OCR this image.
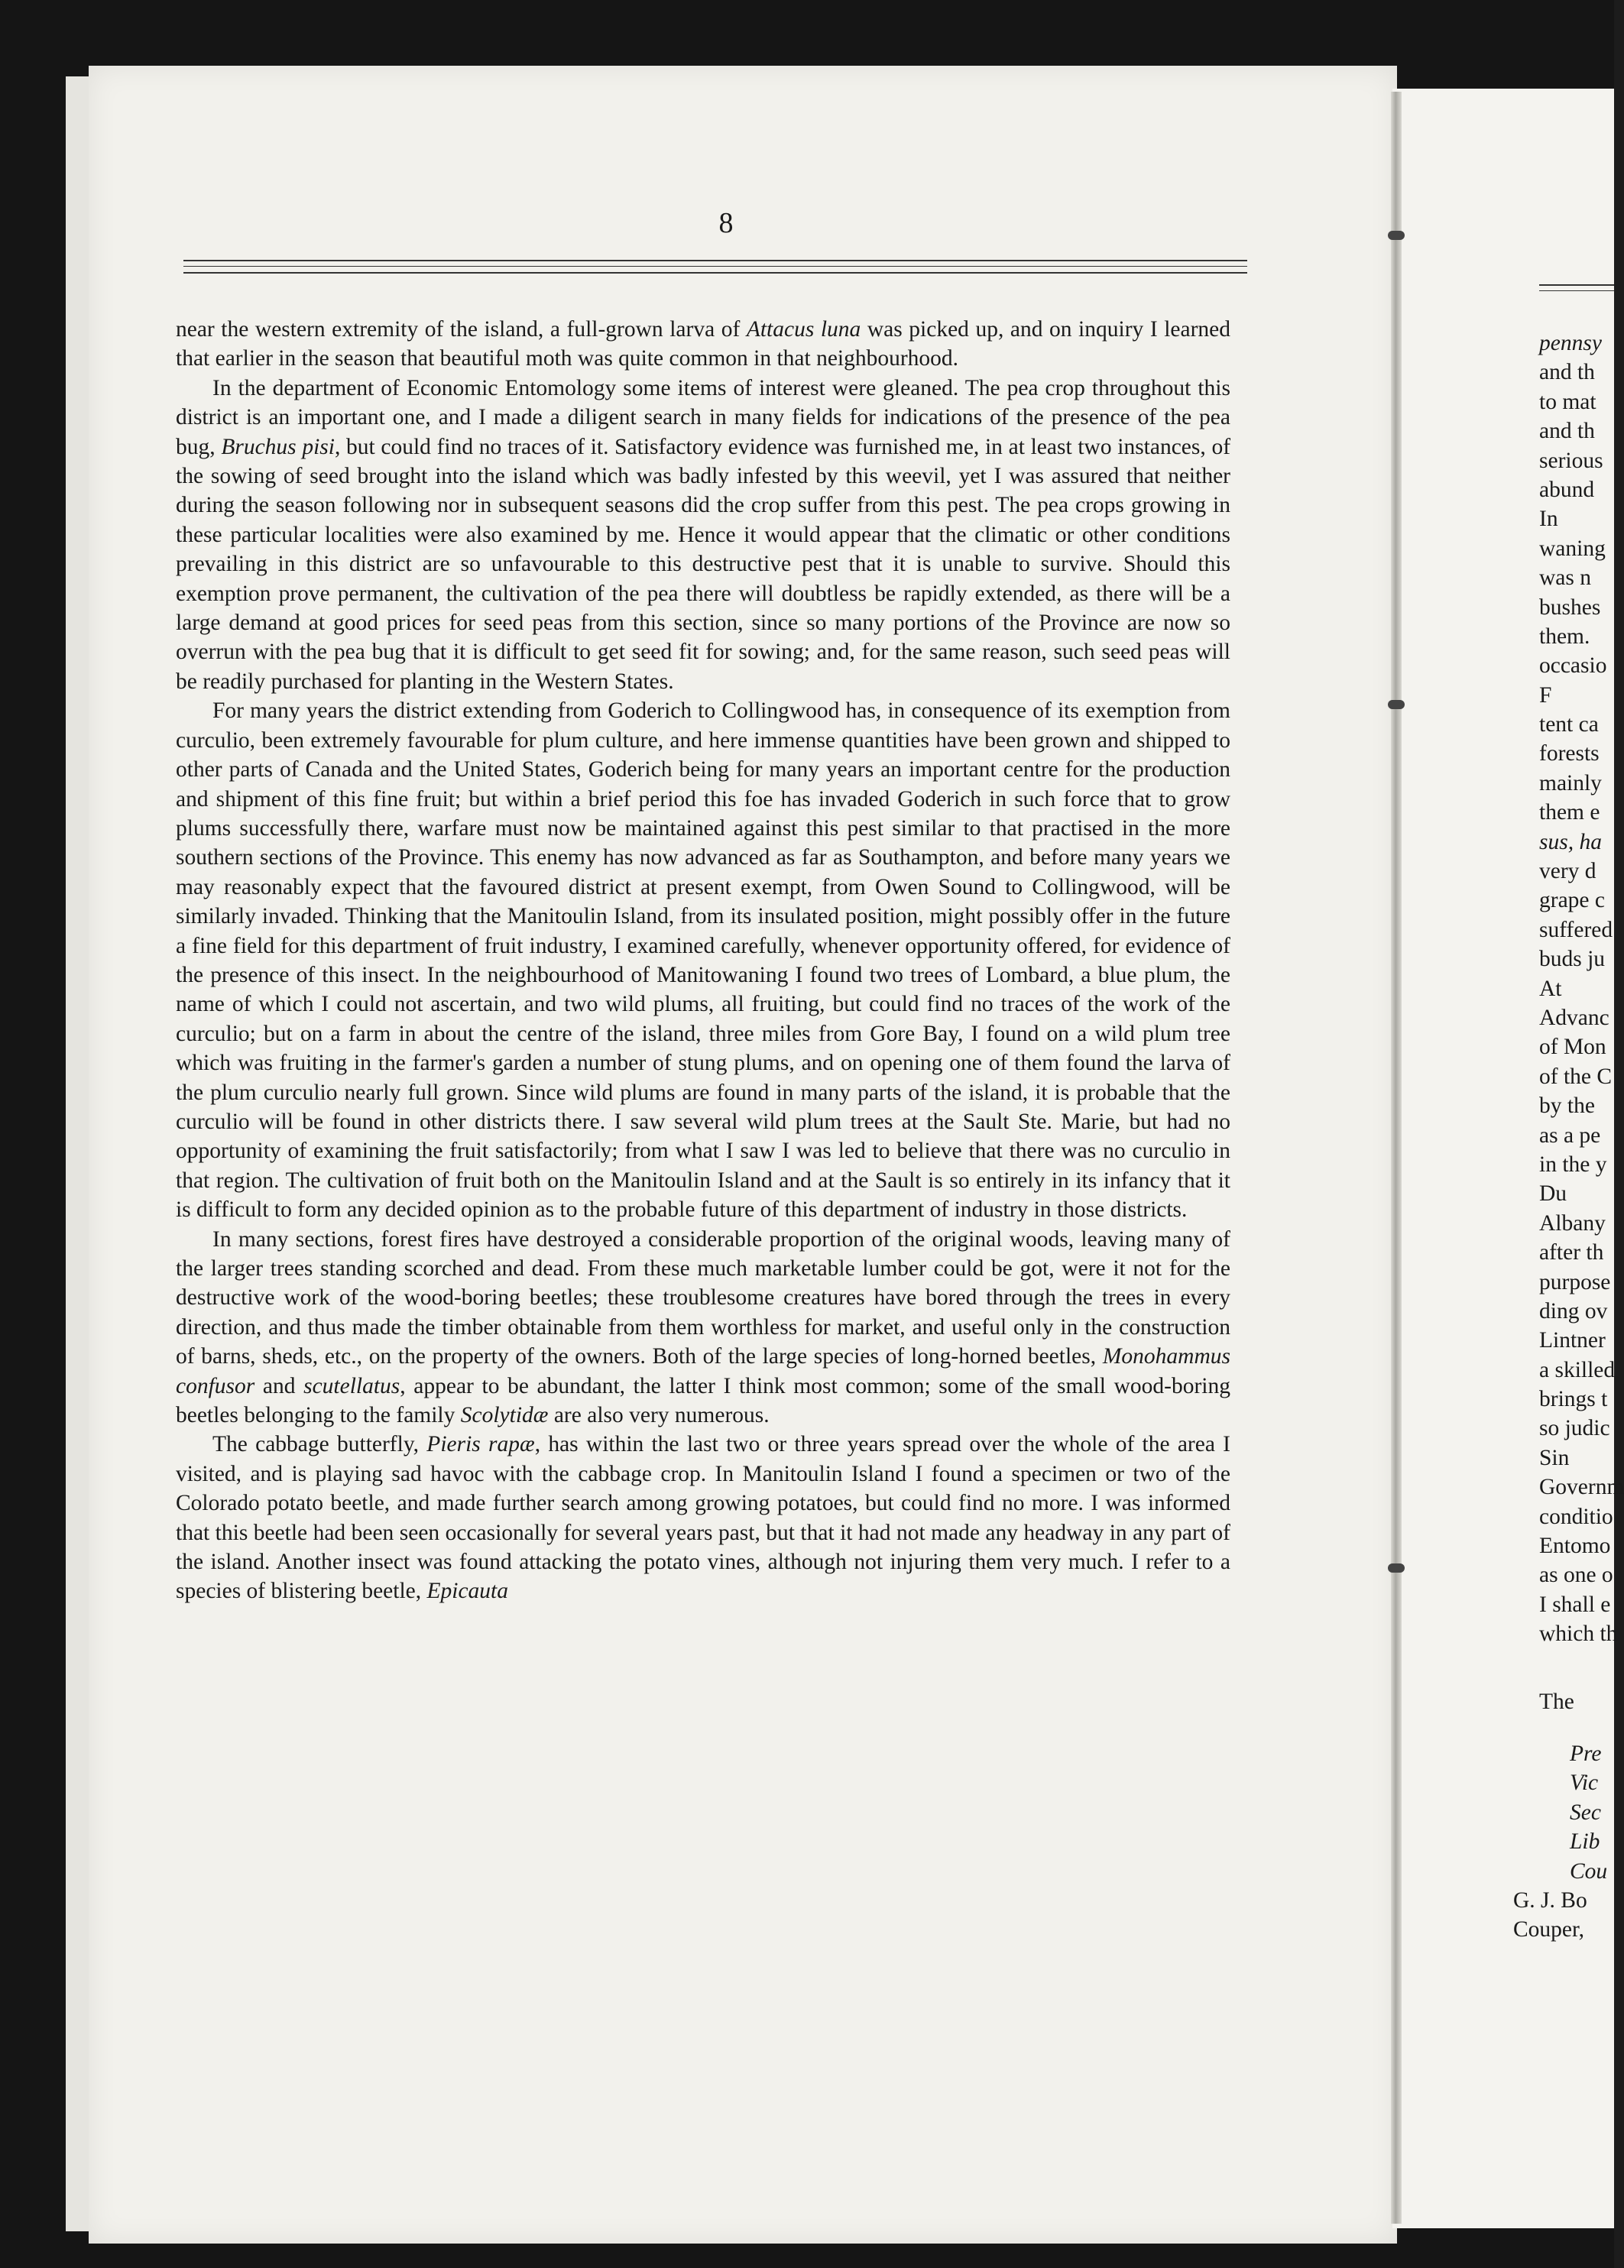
8

near the western extremity of the island, a full-grown larva of Attacus luna was picked up, and on inquiry I learned that earlier in the season that beautiful moth was quite common in that neighbourhood.

In the department of Economic Entomology some items of interest were gleaned. The pea crop throughout this district is an important one, and I made a diligent search in many fields for indications of the presence of the pea bug, Bruchus pisi, but could find no traces of it. Satisfactory evidence was furnished me, in at least two instances, of the sowing of seed brought into the island which was badly infested by this weevil, yet I was assured that neither during the season following nor in subsequent seasons did the crop suffer from this pest. The pea crops growing in these particular localities were also examined by me. Hence it would appear that the climatic or other conditions prevailing in this district are so unfavourable to this destructive pest that it is unable to survive. Should this exemption prove permanent, the cultivation of the pea there will doubtless be rapidly extended, as there will be a large demand at good prices for seed peas from this section, since so many portions of the Province are now so overrun with the pea bug that it is difficult to get seed fit for sowing; and, for the same reason, such seed peas will be readily purchased for planting in the Western States.

For many years the district extending from Goderich to Collingwood has, in consequence of its exemption from curculio, been extremely favourable for plum culture, and here immense quantities have been grown and shipped to other parts of Canada and the United States, Goderich being for many years an important centre for the production and shipment of this fine fruit; but within a brief period this foe has invaded Goderich in such force that to grow plums successfully there, warfare must now be maintained against this pest similar to that practised in the more southern sections of the Province. This enemy has now advanced as far as Southampton, and before many years we may reasonably expect that the favoured district at present exempt, from Owen Sound to Collingwood, will be similarly invaded. Thinking that the Manitoulin Island, from its insulated position, might possibly offer in the future a fine field for this department of fruit industry, I examined carefully, whenever opportunity offered, for evidence of the presence of this insect. In the neighbourhood of Manitowaning I found two trees of Lombard, a blue plum, the name of which I could not ascertain, and two wild plums, all fruiting, but could find no traces of the work of the curculio; but on a farm in about the centre of the island, three miles from Gore Bay, I found on a wild plum tree which was fruiting in the farmer's garden a number of stung plums, and on opening one of them found the larva of the plum curculio nearly full grown. Since wild plums are found in many parts of the island, it is probable that the curculio will be found in other districts there. I saw several wild plum trees at the Sault Ste. Marie, but had no opportunity of examining the fruit satisfactorily; from what I saw I was led to believe that there was no curculio in that region. The cultivation of fruit both on the Manitoulin Island and at the Sault is so entirely in its infancy that it is difficult to form any decided opinion as to the probable future of this department of industry in those districts.

In many sections, forest fires have destroyed a considerable proportion of the original woods, leaving many of the larger trees standing scorched and dead. From these much marketable lumber could be got, were it not for the destructive work of the wood-boring beetles; these troublesome creatures have bored through the trees in every direction, and thus made the timber obtainable from them worthless for market, and useful only in the construction of barns, sheds, etc., on the property of the owners. Both of the large species of long-horned beetles, Monohammus confusor and scutellatus, appear to be abundant, the latter I think most common; some of the small wood-boring beetles belonging to the family Scolytidæ are also very numerous.

The cabbage butterfly, Pieris rapæ, has within the last two or three years spread over the whole of the area I visited, and is playing sad havoc with the cabbage crop. In Manitoulin Island I found a specimen or two of the Colorado potato beetle, and made further search among growing potatoes, but could find no more. I was informed that this beetle had been seen occasionally for several years past, but that it had not made any headway in any part of the island. Another insect was found attacking the potato vines, although not injuring them very much. I refer to a species of blistering beetle, Epicauta

pennsy
and th
to mat
and th
serious
abund
In
waning
was n
bushes
them.
occasio
F
tent ca
forests
mainly
them e
sus, ha
very d
grape c
suffered
buds ju
At
Advanc
of Mon
of the C
by the
as a pe
in the y
Du
Albany
after th
purpose
ding ov
Lintner
a skilled
brings t
so judic
Sin
Governm
conditio
Entomo
as one o
I shall e
which th
The
Pre
Vic
Sec
Lib
Cou
G. J. Bo
Couper,
